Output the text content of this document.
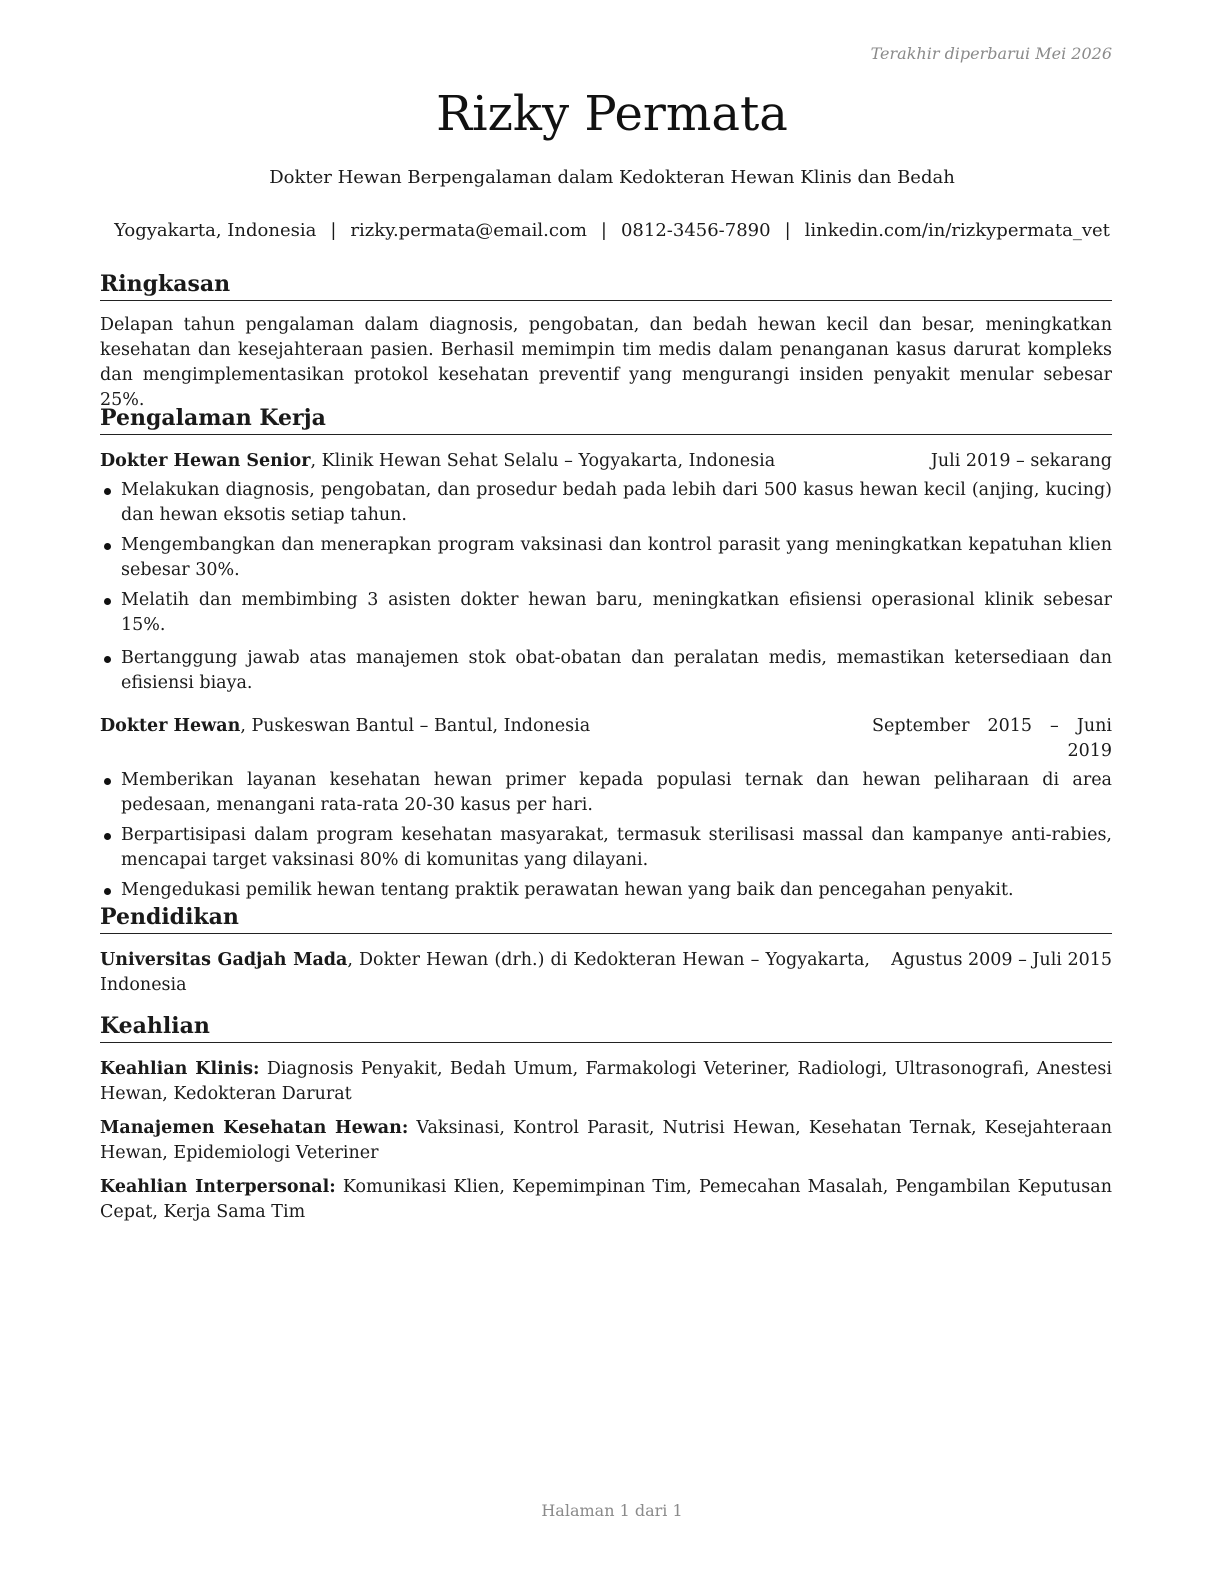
Terakhir diperbarui Mei 2026
Rizky Permata
Dokter Hewan Berpengalaman dalam Kedokteran Hewan Klinis dan Bedah
Yogyakarta, Indonesia | rizky.permata@email.com | 0812-3456-7890 | linkedin.com/in/rizkypermata_vet
Ringkasan

Delapan tahun pengalaman dalam diagnosis, pengobatan, dan bedah hewan kecil dan besar, meningkatkan kesehatan dan kesejahteraan pasien. Berhasil memimpin tim medis dalam penanganan kasus darurat kompleks dan mengimplementasikan protokol kesehatan preventif yang mengurangi insiden penyakit menular sebesar 25%.

Pengalaman Kerja
Dokter Hewan Senior, Klinik Hewan Sehat Selalu – Yogyakarta, Indonesia	Juli 2019 – sekarang
Melakukan diagnosis, pengobatan, dan prosedur bedah pada lebih dari 500 kasus hewan kecil (anjing, kucing) dan hewan eksotis setiap tahun.
Mengembangkan dan menerapkan program vaksinasi dan kontrol parasit yang meningkatkan kepatuhan klien sebesar 30%.
Melatih dan membimbing 3 asisten dokter hewan baru, meningkatkan efisiensi operasional klinik sebesar 15%.
Bertanggung jawab atas manajemen stok obat-obatan dan peralatan medis, memastikan ketersediaan dan efisiensi biaya.
Dokter Hewan, Puskeswan Bantul – Bantul, Indonesia	September 2015 – Juni 2019
Memberikan layanan kesehatan hewan primer kepada populasi ternak dan hewan peliharaan di area pedesaan, menangani rata-rata 20-30 kasus per hari.
Berpartisipasi dalam program kesehatan masyarakat, termasuk sterilisasi massal dan kampanye anti-rabies, mencapai target vaksinasi 80% di komunitas yang dilayani.
Mengedukasi pemilik hewan tentang praktik perawatan hewan yang baik dan pencegahan penyakit.
Pendidikan
Universitas Gadjah Mada, Dokter Hewan (drh.) di Kedokteran Hewan – Yogyakarta, Indonesia
Agustus 2009 – Juli 2015
Keahlian

Keahlian Klinis: Diagnosis Penyakit, Bedah Umum, Farmakologi Veteriner, Radiologi, Ultrasonografi, Anestesi Hewan, Kedokteran Darurat

Manajemen Kesehatan Hewan: Vaksinasi, Kontrol Parasit, Nutrisi Hewan, Kesehatan Ternak, Kesejahteraan Hewan, Epidemiologi Veteriner

Keahlian Interpersonal: Komunikasi Klien, Kepemimpinan Tim, Pemecahan Masalah, Pengambilan Keputusan Cepat, Kerja Sama Tim

Halaman 1 dari 1
